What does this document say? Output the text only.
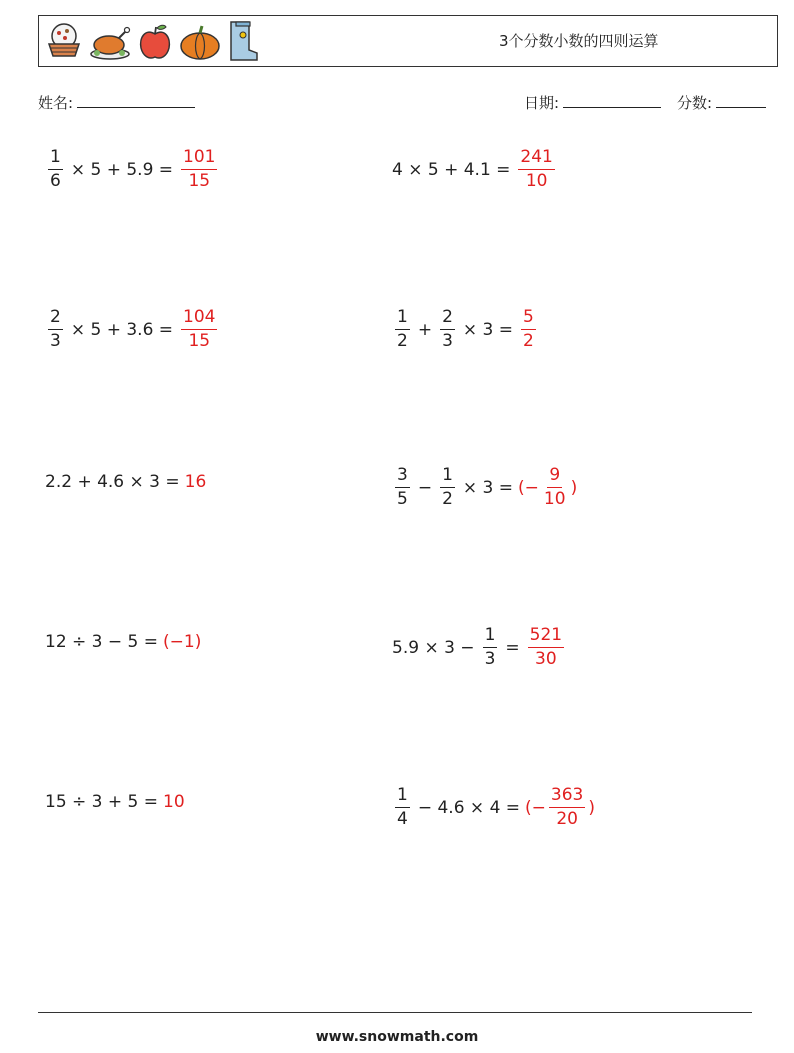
3个分数小数的四则运算
姓名:	日期:	分数:
$\frac{1}{6} \times 5 + 5.9 = \frac{101}{15}$	$4 \times 5 + 4.1 = \frac{241}{10}$
$\frac{2}{3} \times 5 + 3.6 = \frac{104}{15}$	$\frac{1}{2} + \frac{2}{3} \times 3 = \frac{5}{2}$
2.2 + 4.6 × 3 = 16	$\frac{3}{5} - \frac{1}{2} \times 3$ = (− $\frac{9}{10}$ )
12 ÷ 3 − 5 = (−1)	$5.9 \times 3 - \frac{1}{3} = \frac{521}{30}$
15 ÷ 3 + 5 = 10	$\frac{1}{4} - 4.6 \times 4$ = (− $\frac{363}{20}$ )
www.snowmath.com
